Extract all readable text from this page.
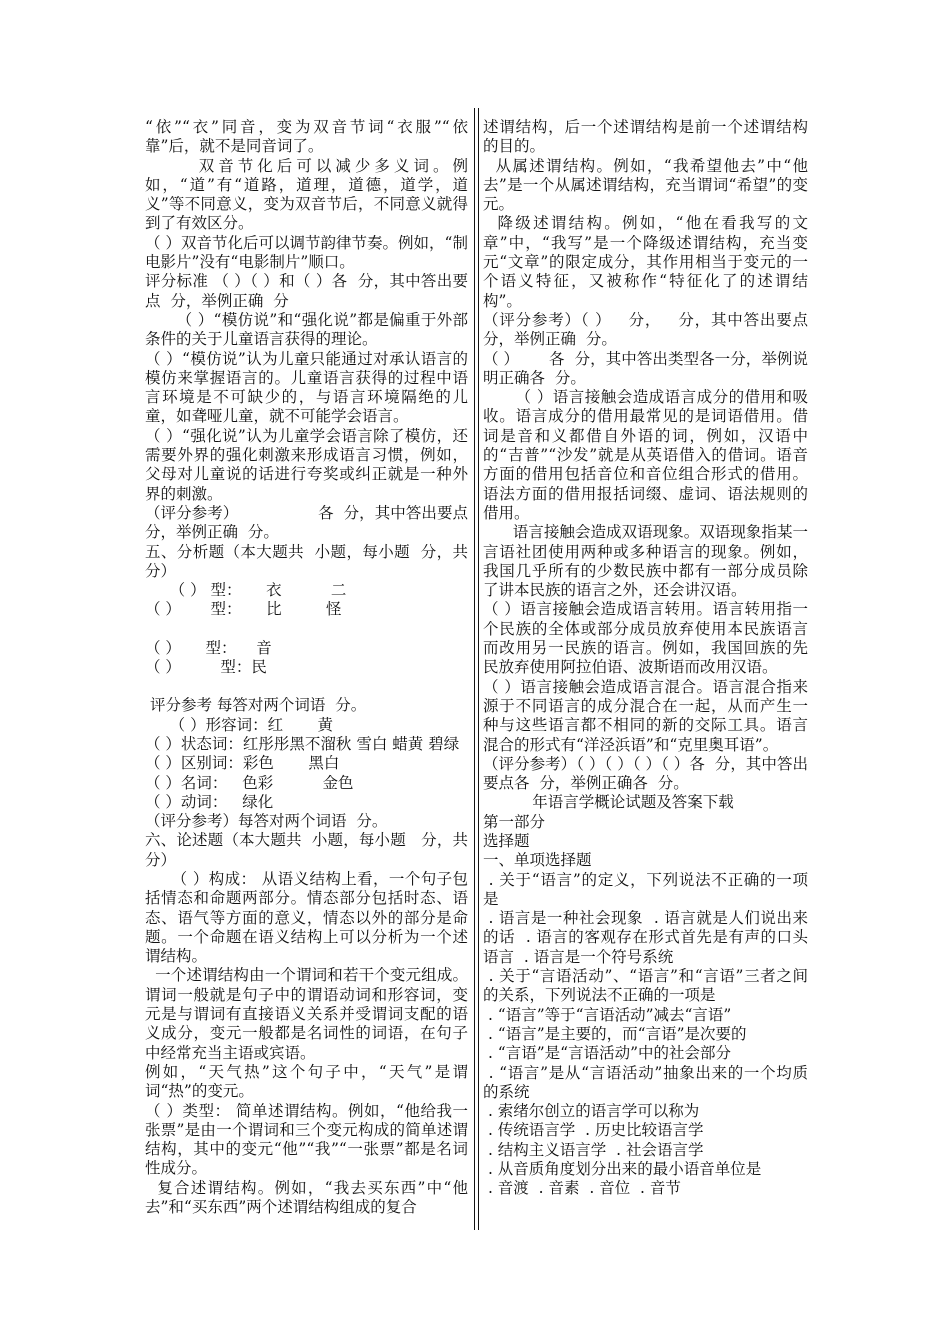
“依”“衣”同音，变为双音节词“衣服”“依靠”后，就不是同音词了。

双音节化后可以减少多义词。例如，“道”有“道路，道理，道德，道学，道义”等不同意义，变为双音节后，不同意义就得到了有效区分。

（ ）双音节化后可以调节韵律节奏。例如，“制电影片”没有“电影制片”顺口。

评分标准 （ ）（ ）和（ ）各  分，其中答出要点  分，举例正确  分

（ ）“模仿说”和“强化说”都是偏重于外部条件的关于儿童语言获得的理论。

（ ）“模仿说”认为儿童只能通过对承认语言的模仿来掌握语言的。儿童语言获得的过程中语言环境是不可缺少的，与语言环境隔绝的儿童，如聋哑儿童，就不可能学会语言。

（ ）“强化说”认为儿童学会语言除了模仿，还需要外界的强化刺激来形成语言习惯，例如，父母对儿童说的话进行夸奖或纠正就是一种外界的刺激。

（评分参考）                各  分，其中答出要点  分，举例正确  分。

五、分析题（本大题共  小题，每小题  分，共  分）

（ ） 型：     衣          二

（ ）      型：     比         怪

（ ）     型：    音

（ ）        型：民

评分参考 每答对两个词语  分。

（ ）形容词：红       黄

（ ）状态词：红彤彤黑不溜秋 雪白 蜡黄 碧绿

（ ）区别词：彩色       黑白

（ ）名词：   色彩          金色

（ ）动词：   绿化

（评分参考）每答对两个词语  分。

六、论述题（本大题共  小题，每小题   分，共  分）

（ ）构成： 从语义结构上看，一个句子包括情态和命题两部分。情态部分包括时态、语态、语气等方面的意义，情态以外的部分是命题。一个命题在语义结构上可以分析为一个述谓结构。

一个述谓结构由一个谓词和若干个变元组成。谓词一般就是句子中的谓语动词和形容词，变元是与谓词有直接语义关系并受谓词支配的语义成分，变元一般都是名词性的词语，在句子中经常充当主语或宾语。

例如，“天气热”这个句子中，“天气”是谓词“热”的变元。

（ ）类型： 简单述谓结构。例如，“他给我一张票”是由一个谓词和三个变元构成的简单述谓结构，其中的变元“他”“我”“一张票”都是名词性成分。

复合述谓结构。例如，“我去买东西”中“他去”和“买东西”两个述谓结构组成的复合

述谓结构，后一个述谓结构是前一个述谓结构的目的。

从属述谓结构。例如，“我希望他去”中“他去”是一个从属述谓结构，充当谓词“希望”的变元。

降级述谓结构。例如，“他在看我写的文章”中，“我写”是一个降级述谓结构，充当变元“文章”的限定成分，其作用相当于变元的一个语义特征，又被称作“特征化了的述谓结构”。

（评分参考）（ ）   分，   分，其中答出要点  分，举例正确  分。

（ ）      各  分，其中答出类型各一分，举例说明正确各  分。

（ ）语言接触会造成语言成分的借用和吸收。语言成分的借用最常见的是词语借用。借词是音和义都借自外语的词，例如，汉语中的“吉普”“沙发”就是从英语借入的借词。语音方面的借用包括音位和音位组合形式的借用。语法方面的借用报括词缀、虚词、语法规则的借用。

语言接触会造成双语现象。双语现象指某一言语社团使用两种或多种语言的现象。例如，我国几乎所有的少数民族中都有一部分成员除了讲本民族的语言之外，还会讲汉语。

（ ）语言接触会造成语言转用。语言转用指一个民族的全体或部分成员放弃使用本民族语言而改用另一民族的语言。例如，我国回族的先民放弃使用阿拉伯语、波斯语而改用汉语。

（ ）语言接触会造成语言混合。语言混合指来源于不同语言的成分混合在一起，从而产生一种与这些语言都不相同的新的交际工具。语言混合的形式有“洋泾浜语”和“克里奥耳语”。

（评分参考）（ ）（ ）（ ）（ ）各  分，其中答出要点各  分，举例正确各  分。

年语言学概论试题及答案下载

第一部分

选择题

一、单项选择题

. 关于“语言”的定义，下列说法不正确的一项是

. 语言是一种社会现象  . 语言就是人们说出来的话  . 语言的客观存在形式首先是有声的口头语言  . 语言是一个符号系统

. 关于“言语活动”、“语言”和“言语”三者之间的关系，下列说法不正确的一项是

. “语言”等于“言语活动”减去“言语”

. “语言”是主要的，而“言语”是次要的

. “言语”是“言语活动”中的社会部分

. “语言”是从“言语活动”抽象出来的一个均质的系统

. 索绪尔创立的语言学可以称为

. 传统语言学  . 历史比较语言学

. 结构主义语言学  . 社会语言学

. 从音质角度划分出来的最小语音单位是

. 音渡  . 音素  . 音位  . 音节
